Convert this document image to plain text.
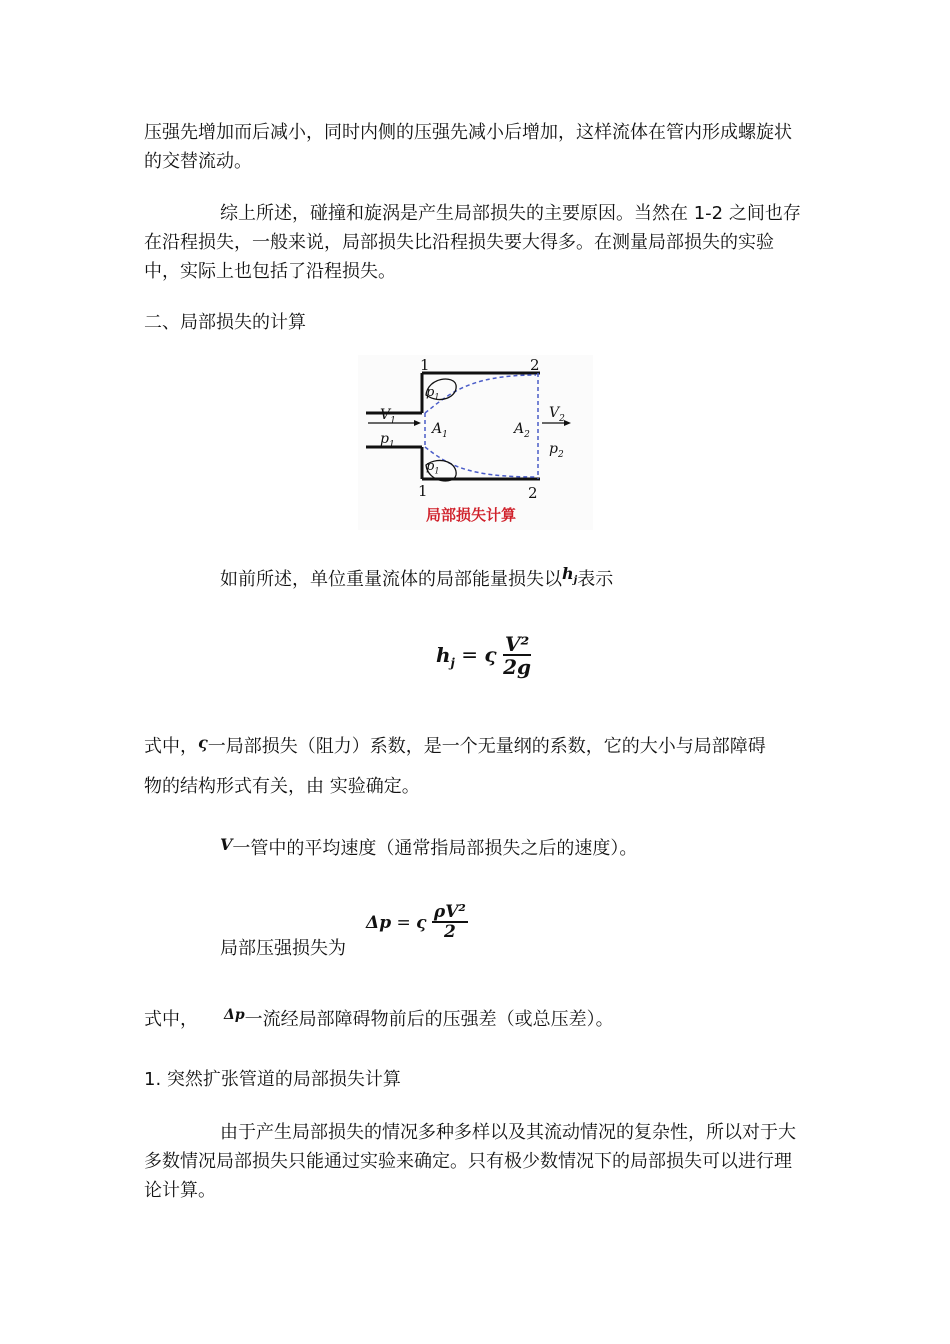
压强先增加而后减小，同时内侧的压强先减小后增加，这样流体在管内形成螺旋状的交替流动。

综上所述，碰撞和旋涡是产生局部损失的主要原因。当然在 1-2 之间也存在沿程损失，一般来说，局部损失比沿程损失要大得多。在测量局部损失的实验中，实际上也包括了沿程损失。

二、局部损失的计算

1	2
1	2
$V_1$
$p_1$
$p_1$
$p_1$
$A_1$	$A_2$
$V_2$
$p_2$
局部损失计算
如前所述，单位重量流体的局部能量损失以$h_j$表示
$h_j = \varsigma \frac{\text{V²}}{2g}$
式中，ς一局部损失（阻力）系数，是一个无量纲的系数，它的大小与局部障碍
物的结构形式有关，由 实验确定。
V一管中的平均速度（通常指局部损失之后的速度）。
局部压强损失为
Δp = ς $\frac{\text{ρV²}}{2}$
式中， $^{\Delta p}$一流经局部障碍物前后的压强差（或总压差）。
1. 突然扩张管道的局部损失计算

由于产生局部损失的情况多种多样以及其流动情况的复杂性，所以对于大多数情况局部损失只能通过实验来确定。只有极少数情况下的局部损失可以进行理论计算。
